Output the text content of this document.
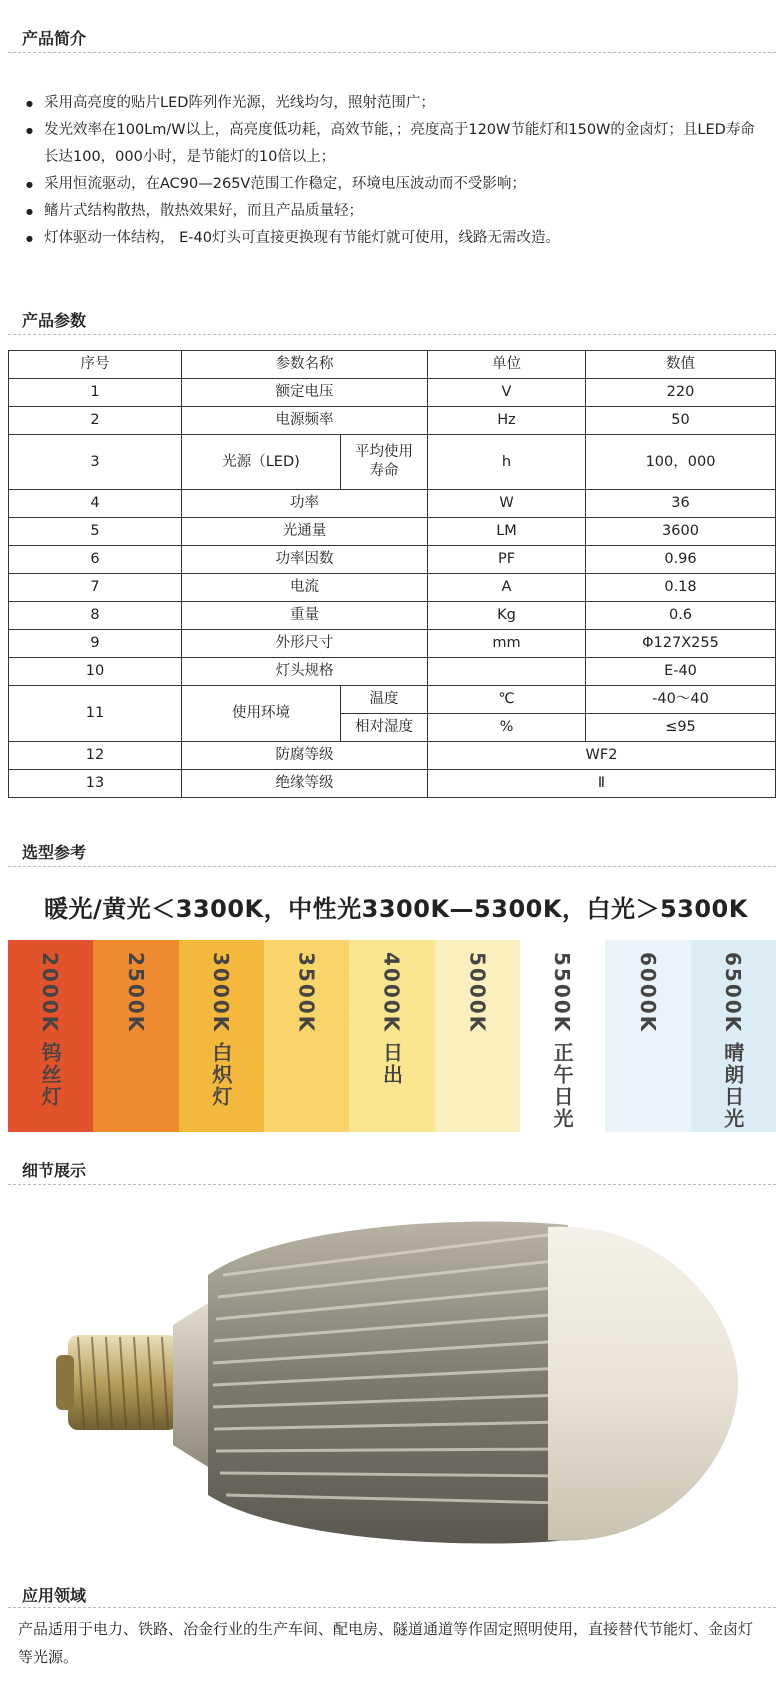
产品简介
● 采用高亮度的贴片LED阵列作光源，光线均匀，照射范围广；
● 发光效率在100Lm/W以上，高亮度低功耗，高效节能，；亮度高于120W节能灯和150W的金卤灯；且LED寿命长达100，000小时，是节能灯的10倍以上；
● 采用恒流驱动，在AC90—265V范围工作稳定，环境电压波动而不受影响；
● 鳍片式结构散热，散热效果好，而且产品质量轻；
● 灯体驱动一体结构， E-40灯头可直接更换现有节能灯就可使用，线路无需改造。
产品参数
序号	参数名称		单位	数值
1	额定电压		V	220
2	电源频率		Hz	50
3	光源（LED)	平均使用寿命	h	100，000
4	功率		W	36
5	光通量		LM	3600
6	功率因数		PF	0.96
7	电流		A	0.18
8	重量		Kg	0.6
9	外形尺寸		mm	Φ127X255
10	灯头规格			E-40
11	使用环境	温度	℃	-40～40
		相对湿度	%	≤95
12	防腐等级		WF2	
13	绝缘等级		Ⅱ	
选型参考
暖光/黄光＜3300K，中性光3300K—5300K，白光＞5300K
2000K 钨丝灯	2500K	3000K 白炽灯	3500K	4000K 日出	5000K	5500K 正午日光	6000K	6500K 晴朗日光
细节展示
应用领域
产品适用于电力、铁路、冶金行业的生产车间、配电房、隧道通道等作固定照明使用，直接替代节能灯、金卤灯等光源。
